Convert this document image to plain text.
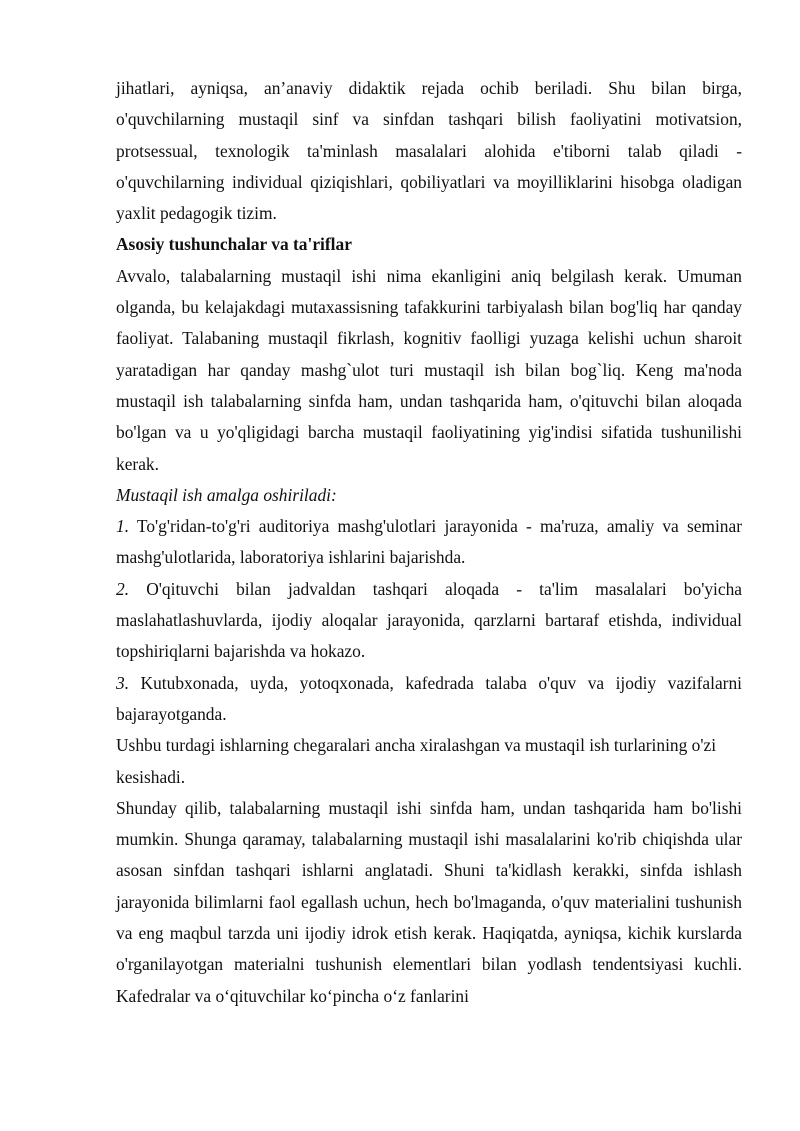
jihatlari, ayniqsa, an’anaviy didaktik rejada ochib beriladi. Shu bilan birga, o'quvchilarning mustaqil sinf va sinfdan tashqari bilish faoliyatini motivatsion, protsessual, texnologik ta'minlash masalalari alohida e'tiborni talab qiladi - o'quvchilarning individual qiziqishlari, qobiliyatlari va moyilliklarini hisobga oladigan yaxlit pedagogik tizim.

Asosiy tushunchalar va ta'riflar

Avvalo, talabalarning mustaqil ishi nima ekanligini aniq belgilash kerak. Umuman olganda, bu kelajakdagi mutaxassisning tafakkurini tarbiyalash bilan bog'liq har qanday faoliyat. Talabaning mustaqil fikrlash, kognitiv faolligi yuzaga kelishi uchun sharoit yaratadigan har qanday mashg`ulot turi mustaqil ish bilan bog`liq. Keng ma'noda mustaqil ish talabalarning sinfda ham, undan tashqarida ham, o'qituvchi bilan aloqada bo'lgan va u yo'qligidagi barcha mustaqil faoliyatining yig'indisi sifatida tushunilishi kerak.

Mustaqil ish amalga oshiriladi:

1. To'g'ridan-to'g'ri auditoriya mashg'ulotlari jarayonida - ma'ruza, amaliy va seminar mashg'ulotlarida, laboratoriya ishlarini bajarishda.

2. O'qituvchi bilan jadvaldan tashqari aloqada - ta'lim masalalari bo'yicha maslahatlashuvlarda, ijodiy aloqalar jarayonida, qarzlarni bartaraf etishda, individual topshiriqlarni bajarishda va hokazo.

3. Kutubxonada, uyda, yotoqxonada, kafedrada talaba o'quv va ijodiy vazifalarni bajarayotganda.

Ushbu turdagi ishlarning chegaralari ancha xiralashgan va mustaqil ish turlarining o'zi kesishadi.

Shunday qilib, talabalarning mustaqil ishi sinfda ham, undan tashqarida ham bo'lishi mumkin. Shunga qaramay, talabalarning mustaqil ishi masalalarini ko'rib chiqishda ular asosan sinfdan tashqari ishlarni anglatadi. Shuni ta'kidlash kerakki, sinfda ishlash jarayonida bilimlarni faol egallash uchun, hech bo'lmaganda, o'quv materialini tushunish va eng maqbul tarzda uni ijodiy idrok etish kerak. Haqiqatda, ayniqsa, kichik kurslarda o'rganilayotgan materialni tushunish elementlari bilan yodlash tendentsiyasi kuchli. Kafedralar va o‘qituvchilar ko‘pincha o‘z fanlarini
